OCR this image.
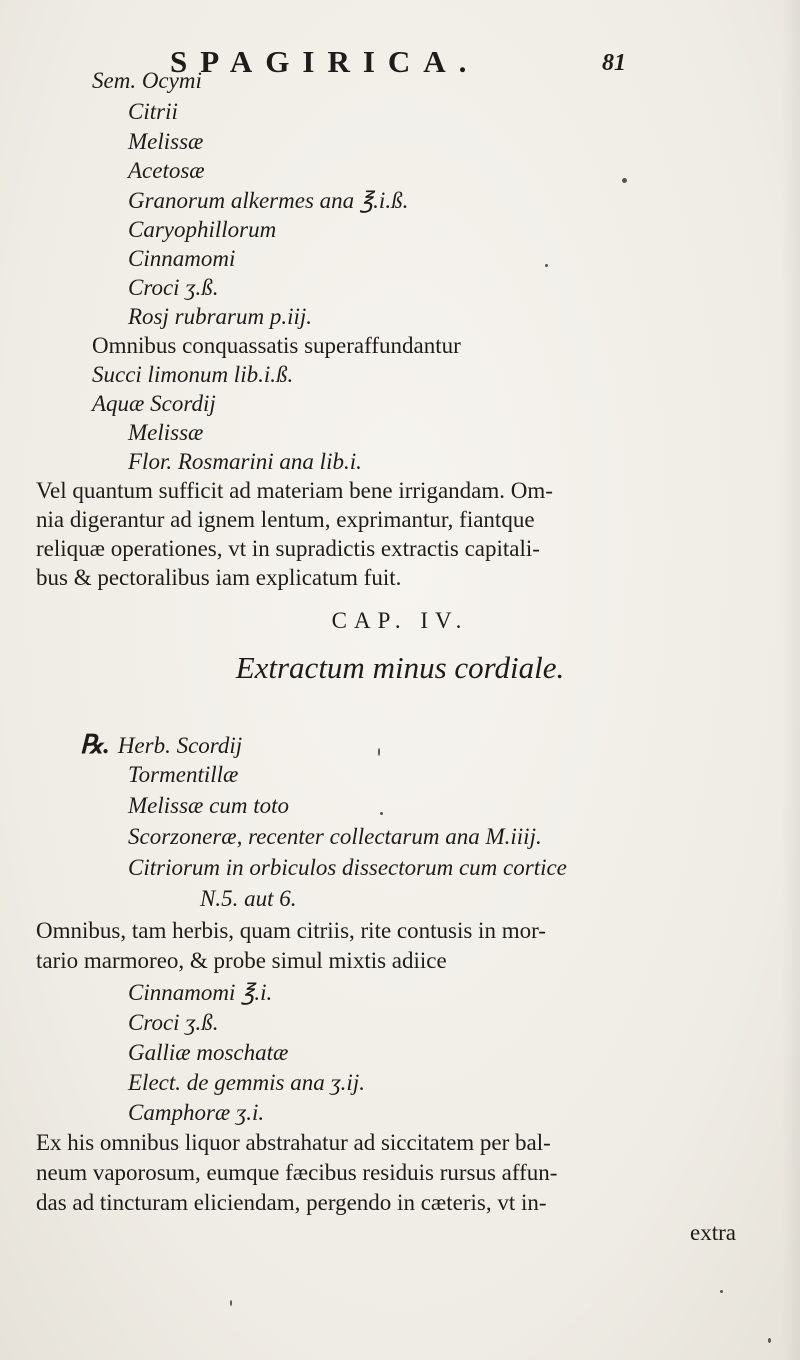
SPAGIRICA.	81
Sem. Ocymi
Citrii
Melissæ
Acetosæ
Granorum alkermes ana ℥.i.ß.
Caryophillorum
Cinnamomi
Croci ʒ.ß.
Rosj rubrarum p.iij.
Omnibus conquassatis superaffundantur
Succi limonum lib.i.ß.
Aquæ Scordij
Melissæ
Flor. Rosmarini ana lib.i.
Vel quantum sufficit ad materiam bene irrigandam. Om-
nia digerantur ad ignem lentum, exprimantur, fiantque
reliquæ operationes, vt in supradictis extractis capitali-
bus & pectoralibus iam explicatum fuit.
CAP. IV.
Extractum minus cordiale.
℞. Herb. Scordij
Tormentillæ
Melissæ cum toto
Scorzoneræ, recenter collectarum ana M.iiij.
Citriorum in orbiculos dissectorum cum cortice
N.5. aut 6.
Omnibus, tam herbis, quam citriis, rite contusis in mor-
tario marmoreo, & probe simul mixtis adiice
Cinnamomi ℥.i.
Croci ʒ.ß.
Galliæ moschatæ
Elect. de gemmis ana ʒ.ij.
Camphoræ ʒ.i.
Ex his omnibus liquor abstrahatur ad siccitatem per bal-
neum vaporosum, eumque fæcibus residuis rursus affun-
das ad tincturam eliciendam, pergendo in cæteris, vt in-
extra
